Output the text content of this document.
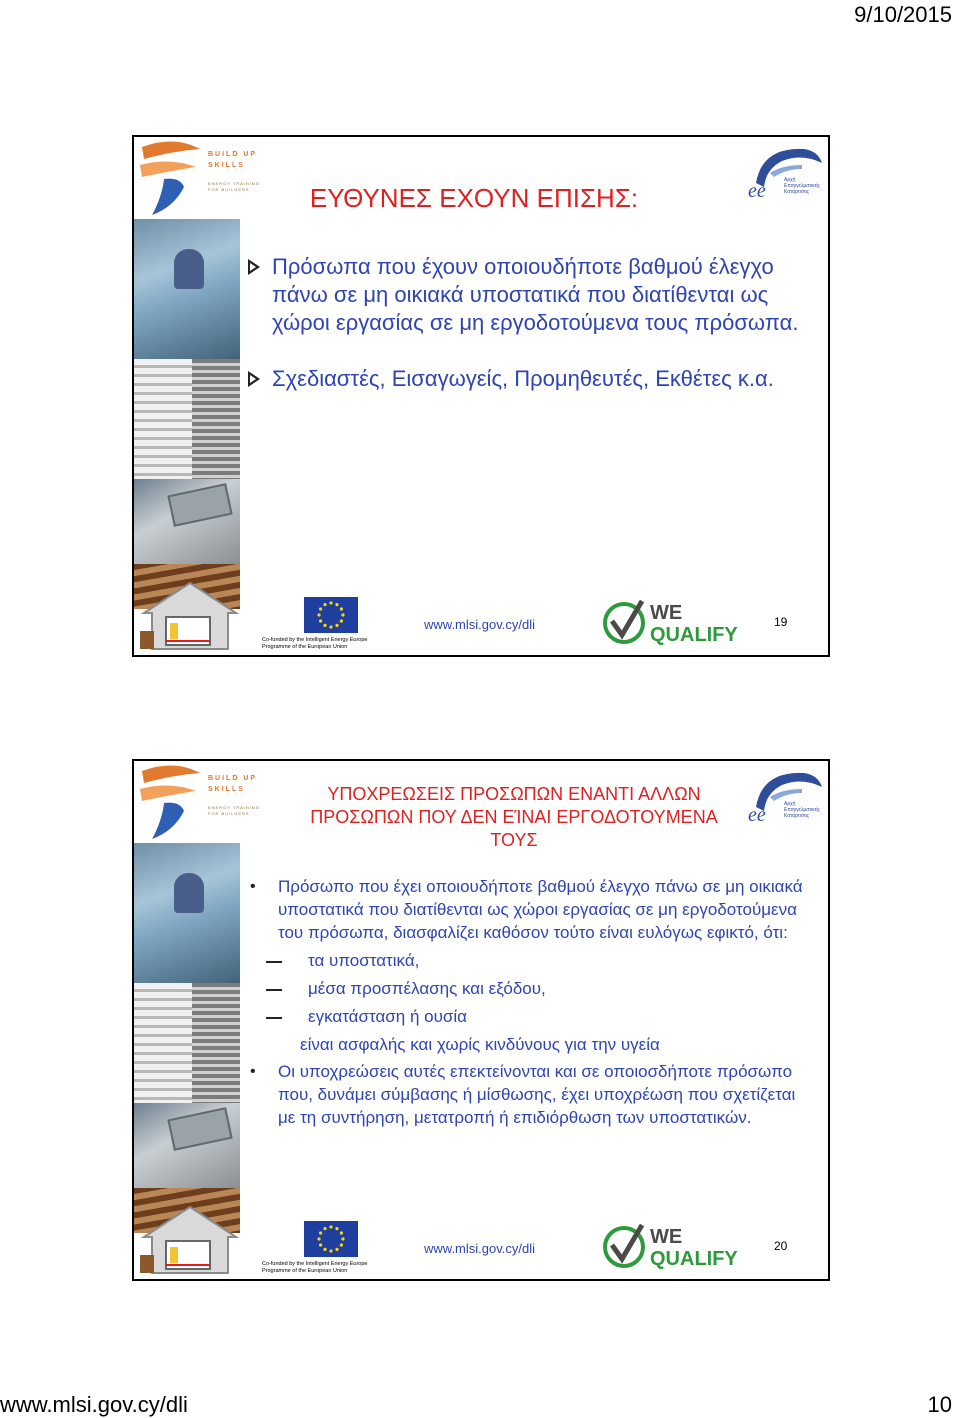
9/10/2015
BUILD UP
SKILLS
ENERGY TRAINING
FOR BUILDERS	ee	Αρχή
Επαγγελματικής
Κατάρτισης
ΕΥΘΥΝΕΣ ΕΧΟΥΝ ΕΠΙΣΗΣ:
Πρόσωπα που έχουν οποιουδήποτε βαθμού έλεγχο πάνω σε μη οικιακά υποστατικά που διατίθενται ως χώροι εργασίας σε μη εργοδοτούμενα τους πρόσωπα.
Σχεδιαστές, Εισαγωγείς, Προμηθευτές, Εκθέτες κ.α.
Co-funded by the Intelligent Energy Europe
Programme of the European Union
www.mlsi.gov.cy/dli
WE
QUALIFY
19
BUILD UP
SKILLS
ENERGY TRAINING
FOR BUILDERS	ee	Αρχή
Επαγγελματικής
Κατάρτισης
ΥΠΟΧΡΕΩΣΕΙΣ ΠΡΟΣΩΠΩΝ ΕΝΑΝΤΙ ΑΛΛΩΝ
ΠΡΟΣΩΠΩΝ ΠΟΥ ΔΕΝ ΕΊΝΑΙ ΕΡΓΟΔΟΤΟΥΜΕΝΑ
ΤΟΥΣ
• Πρόσωπο που έχει οποιουδήποτε βαθμού έλεγχο πάνω σε μη οικιακά υποστατικά που διατίθενται ως χώροι εργασίας σε μη εργοδοτούμενα του πρόσωπα, διασφαλίζει καθόσον τούτο είναι ευλόγως εφικτό, ότι:
τα υποστατικά,
μέσα προσπέλασης και εξόδου,
εγκατάσταση ή ουσία
είναι ασφαλής και χωρίς κινδύνους για την υγεία
• Οι υποχρεώσεις αυτές επεκτείνονται και σε οποιοσδήποτε πρόσωπο που, δυνάμει σύμβασης ή μίσθωσης, έχει υποχρέωση που σχετίζεται με τη συντήρηση, μετατροπή ή επιδιόρθωση των υποστατικών.
Co-funded by the Intelligent Energy Europe
Programme of the European Union
www.mlsi.gov.cy/dli
WE
QUALIFY
20
www.mlsi.gov.cy/dli	10
